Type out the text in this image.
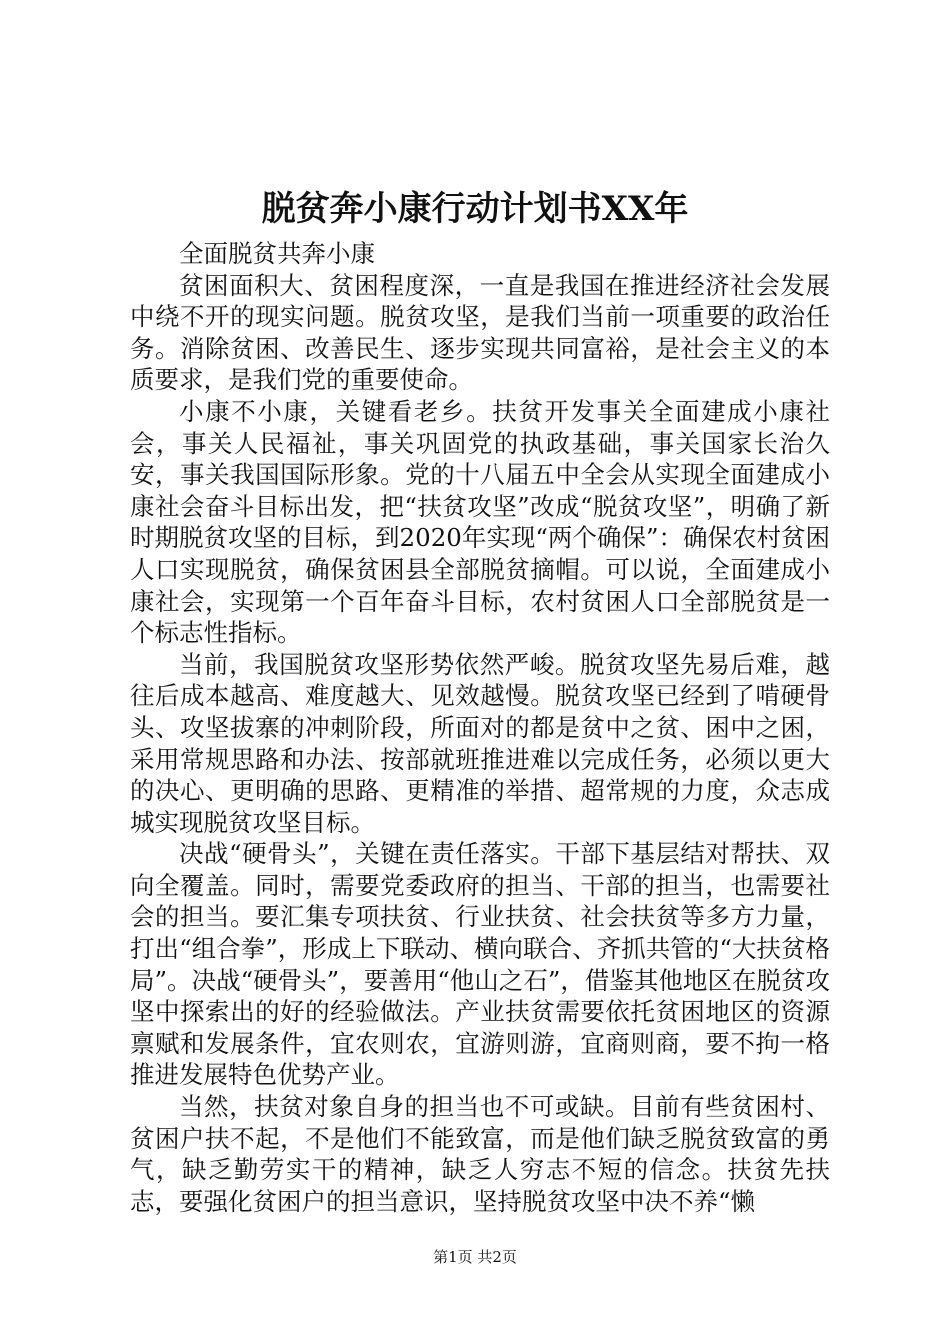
脱贫奔小康行动计划书XX年

全面脱贫共奔小康

贫困面积大、贫困程度深，一直是我国在推进经济社会发展中绕不开的现实问题。脱贫攻坚，是我们当前一项重要的政治任务。消除贫困、改善民生、逐步实现共同富裕，是社会主义的本质要求，是我们党的重要使命。

小康不小康，关键看老乡。扶贫开发事关全面建成小康社会，事关人民福祉，事关巩固党的执政基础，事关国家长治久安，事关我国国际形象。党的十八届五中全会从实现全面建成小康社会奋斗目标出发，把“扶贫攻坚”改成“脱贫攻坚”，明确了新时期脱贫攻坚的目标，到2020年实现“两个确保”：确保农村贫困人口实现脱贫，确保贫困县全部脱贫摘帽。可以说，全面建成小康社会，实现第一个百年奋斗目标，农村贫困人口全部脱贫是一个标志性指标。

当前，我国脱贫攻坚形势依然严峻。脱贫攻坚先易后难，越往后成本越高、难度越大、见效越慢。脱贫攻坚已经到了啃硬骨头、攻坚拔寨的冲刺阶段，所面对的都是贫中之贫、困中之困，采用常规思路和办法、按部就班推进难以完成任务，必须以更大的决心、更明确的思路、更精准的举措、超常规的力度，众志成城实现脱贫攻坚目标。

决战“硬骨头”，关键在责任落实。干部下基层结对帮扶、双向全覆盖。同时，需要党委政府的担当、干部的担当，也需要社会的担当。要汇集专项扶贫、行业扶贫、社会扶贫等多方力量，打出“组合拳”，形成上下联动、横向联合、齐抓共管的“大扶贫格局”。决战“硬骨头”，要善用“他山之石”，借鉴其他地区在脱贫攻坚中探索出的好的经验做法。产业扶贫需要依托贫困地区的资源禀赋和发展条件，宜农则农，宜游则游，宜商则商，要不拘一格推进发展特色优势产业。

当然，扶贫对象自身的担当也不可或缺。目前有些贫困村、贫困户扶不起，不是他们不能致富，而是他们缺乏脱贫致富的勇气，缺乏勤劳实干的精神，缺乏人穷志不短的信念。扶贫先扶志，要强化贫困户的担当意识，坚持脱贫攻坚中决不养“懒

第1页 共2页
